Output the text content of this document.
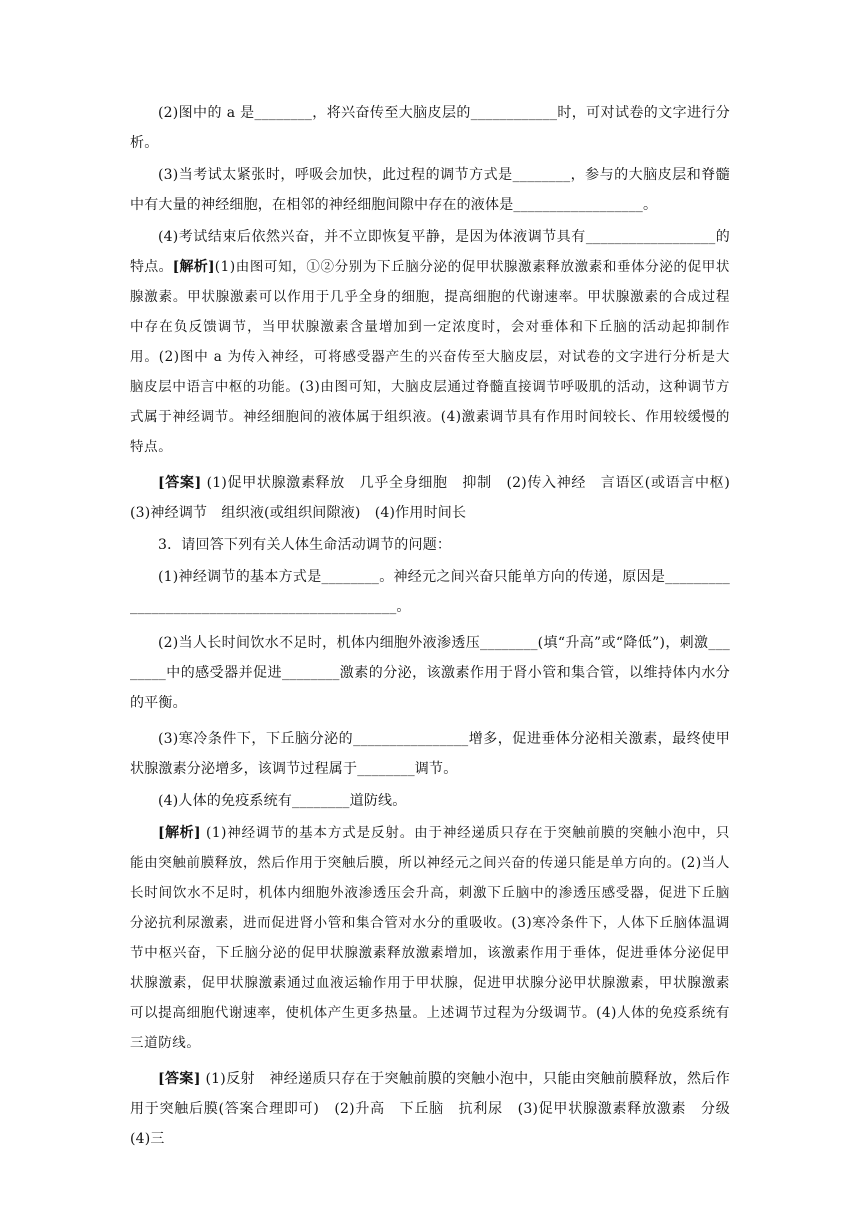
(2)图中的 a 是________，将兴奋传至大脑皮层的____________时，可对试卷的文字进行分析。

(3)当考试太紧张时，呼吸会加快，此过程的调节方式是________，参与的大脑皮层和脊髓中有大量的神经细胞，在相邻的神经细胞间隙中存在的液体是__________________。

(4)考试结束后依然兴奋，并不立即恢复平静，是因为体液调节具有__________________的特点。[解析](1)由图可知，①②分别为下丘脑分泌的促甲状腺激素释放激素和垂体分泌的促甲状腺激素。甲状腺激素可以作用于几乎全身的细胞，提高细胞的代谢速率。甲状腺激素的合成过程中存在负反馈调节，当甲状腺激素含量增加到一定浓度时，会对垂体和下丘脑的活动起抑制作用。(2)图中 a 为传入神经，可将感受器产生的兴奋传至大脑皮层，对试卷的文字进行分析是大脑皮层中语言中枢的功能。(3)由图可知，大脑皮层通过脊髓直接调节呼吸肌的活动，这种调节方式属于神经调节。神经细胞间的液体属于组织液。(4)激素调节具有作用时间较长、作用较缓慢的特点。

[答案] (1)促甲状腺激素释放　几乎全身细胞　抑制　(2)传入神经　言语区(或语言中枢)　(3)神经调节　组织液(或组织间隙液)　(4)作用时间长

3．请回答下列有关人体生命活动调节的问题：

(1)神经调节的基本方式是________。神经元之间兴奋只能单方向的传递，原因是______________________________________________。

(2)当人长时间饮水不足时，机体内细胞外液渗透压________(填“升高”或“降低”)，刺激________中的感受器并促进________激素的分泌，该激素作用于肾小管和集合管，以维持体内水分的平衡。

(3)寒冷条件下，下丘脑分泌的________________增多，促进垂体分泌相关激素，最终使甲状腺激素分泌增多，该调节过程属于________调节。

(4)人体的免疫系统有________道防线。

[解析] (1)神经调节的基本方式是反射。由于神经递质只存在于突触前膜的突触小泡中，只能由突触前膜释放，然后作用于突触后膜，所以神经元之间兴奋的传递只能是单方向的。(2)当人长时间饮水不足时，机体内细胞外液渗透压会升高，刺激下丘脑中的渗透压感受器，促进下丘脑分泌抗利尿激素，进而促进肾小管和集合管对水分的重吸收。(3)寒冷条件下，人体下丘脑体温调节中枢兴奋，下丘脑分泌的促甲状腺激素释放激素增加，该激素作用于垂体，促进垂体分泌促甲状腺激素，促甲状腺激素通过血液运输作用于甲状腺，促进甲状腺分泌甲状腺激素，甲状腺激素可以提高细胞代谢速率，使机体产生更多热量。上述调节过程为分级调节。(4)人体的免疫系统有三道防线。

[答案] (1)反射　神经递质只存在于突触前膜的突触小泡中，只能由突触前膜释放，然后作用于突触后膜(答案合理即可)　(2)升高　下丘脑　抗利尿　(3)促甲状腺激素释放激素　分级　(4)三
